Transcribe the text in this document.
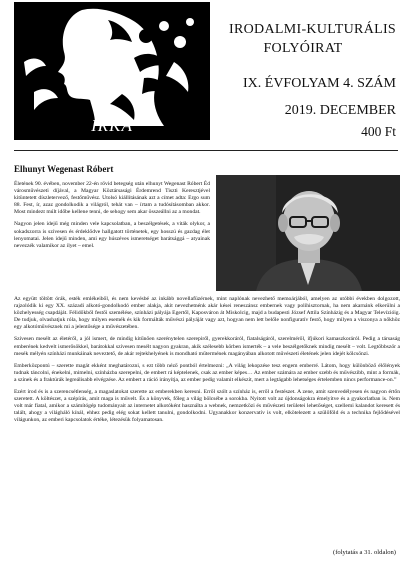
IRKA
IRODALMI-KULTURÁLIS
FOLYÓIRAT
IX. ÉVFOLYAM 4. SZÁM
2019. DECEMBER
400 Ft
Elhunyt Wegenast Róbert

Életének 90. évében, november 22-én rövid betegség után elhunyt Wegenast Róbert Éd városművészeti díjával, a Magyar Köztársasági Érdemrend Tiszti Keresztjével kitüntetett díszletervező, festőművész. Utolsó kiállításának azt a címet adta: Ergo sum 88. Fest, ír, azaz gondolkodik a világról, tehát van – írtam a tudósításomban akkor. Most mindezt múlt időbe kellene tenni, de sehogy sem akar összeállni az a mondat.

Nagyon jelen idejű még minden vele kapcsolatban, a beszélgetések, a viták olykor, a sokadszorra is szívesen és érdeklődve hallgatott történetek, egy hosszú és gazdag élet lenyomatai. Jelen idejű minden, ami egy húszéves ismeretséget barátsággá – atyainak nevezzék valamikor az ilyet – emel.

Az együtt töltött órák, esték emlékeiből, és nem kevésbé az inkább novellafüzérnek, mint naplónak nevezhető memoárjából, amelyen az utóbbi években dolgozott, rajzolódik ki egy XX. századi alkotó-gondolkodó ember alakja, akit nevezhetnénk akár kései reneszánsz embernek vagy polihisztornak, ha nem akarnánk elkerülni a közhelyesség csapdáját. Félidőkből festői személése, színházi pályája Egertől, Kaposváron át Miskolcig, majd a budapesti József Attila Színházig és a Magyar Televízióig. De tudjuk, olvashatjuk róla, hogy milyen esemék és kik formálták művészi pályáját vagy azt, hogyan nem lett belőle nonfiguratív festő, hogy milyen a viszonya a nőkhöz egy alkotóművésznek mi a jelentősége a művészetében.

Szívesen mesélt az életéről, a jól ismert, de mindig kitűnően szerénytelen szerepiről, gyerekkoráról, fiatalságáról, szerelméről, ifjúkori kamaszkoráról. Pedig a társaság emberének kedvelt ismerősökkel, barátokkal szívesen mesélt nagyon gyakran, akik szélesebb körben ismerték – a vele beszélgetőknek mindig mesélt – volt. Legtöbbször a mesék mélyén színházi munkáinak neveztető, de akár rejtekhelyének is mondható műtermének magányában alkotott művészeti életének jelen idejét kölcsönzi.

Emberközpontú – szerette magát ekként meghatározni, s ezt több néző pontból értelmezni: „A világ lekopzése tesz engem emberré. Látom, hogy különböző élőlények tudnak táncolni, énekelni, mimelni, színházba szerepelni, de embert rá képtelenek, csak az ember képes… Az ember számára az ember szebb és művészibb, mint a formák, a színek és a fraktúrák legreálisabb elvégzése. Az embert a ráció irányítja, az ember pedig valamit elkészít, mert a legtágabb lehetséges értelemben nincs performance-on.”

Ezért írod és is a szerencsétlenség, a magaslatokat szerette az emberekben keresni. Erről szólt a színház is, erről a festészet. A zene, amit szenvedélyesen és nagyon értőn szeretett. A költészet, a szépírás, amit maga is művelt. És a könyvek, főleg a világ bölcsébe a sorokba. Nyitott volt az újdonságokra émelyítve és a gyakorlatban is. Nem volt már fiatal, amikor a számítógép tudományait az internetet alkotóként használta a webnek, nemzetközi és művészeti területei lehetőséget, szellemi kalandot keresett és talált, ahogy a világháló kínál, ehhez pedig elég sokat kellett tanulni, gondolkodni. Ugyanakkor konzervatív is volt, elkötelezett a szülőföld és a technika fejlődésével világunkon, az emberi kapcsolatok értéke, létezésük folyamatosan.

(folytatás a 31. oldalon)
